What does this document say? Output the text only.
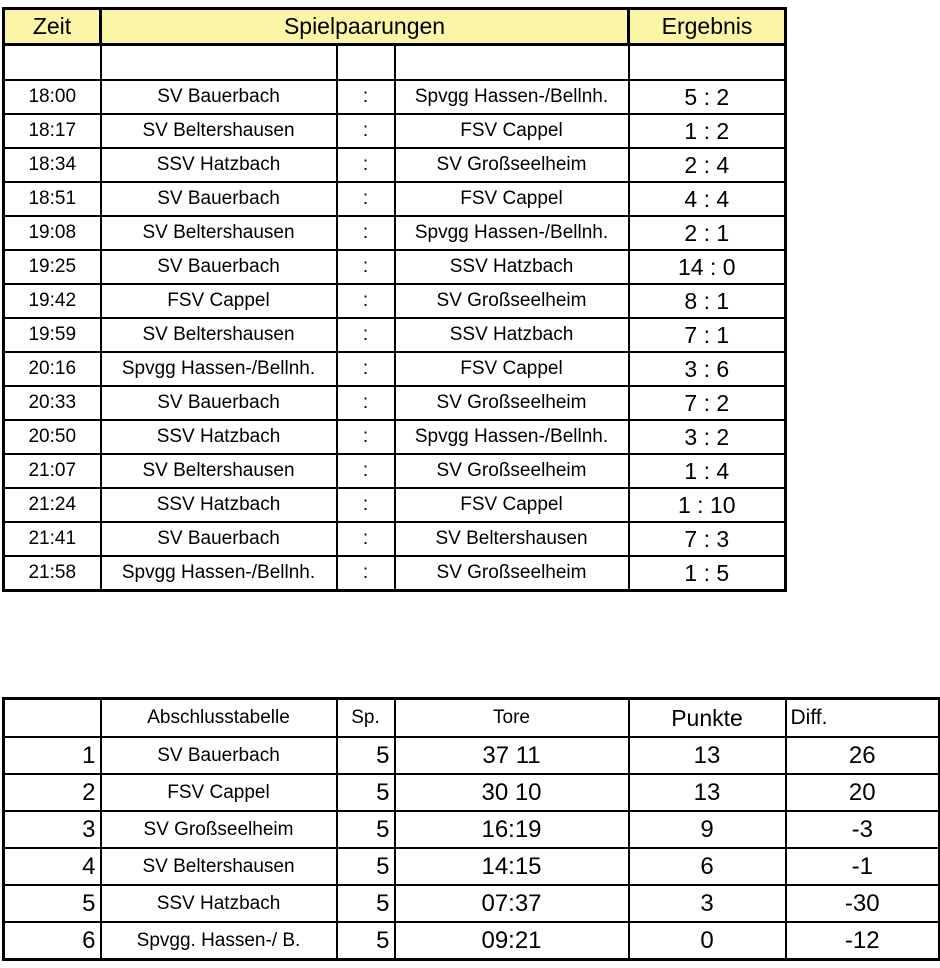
Zeit	Spielpaarungen			Ergebnis

18:00	SV Bauerbach	:	Spvgg Hassen-/Bellnh.	5 : 2
18:17	SV Beltershausen	:	FSV Cappel	1 : 2
18:34	SSV Hatzbach	:	SV Großseelheim	2 : 4
18:51	SV Bauerbach	:	FSV Cappel	4 : 4
19:08	SV Beltershausen	:	Spvgg Hassen-/Bellnh.	2 : 1
19:25	SV Bauerbach	:	SSV Hatzbach	14 : 0
19:42	FSV Cappel	:	SV Großseelheim	8 : 1
19:59	SV Beltershausen	:	SSV Hatzbach	7 : 1
20:16	Spvgg Hassen-/Bellnh.	:	FSV Cappel	3 : 6
20:33	SV Bauerbach	:	SV Großseelheim	7 : 2
20:50	SSV Hatzbach	:	Spvgg Hassen-/Bellnh.	3 : 2
21:07	SV Beltershausen	:	SV Großseelheim	1 : 4
21:24	SSV Hatzbach	:	FSV Cappel	1 : 10
21:41	SV Bauerbach	:	SV Beltershausen	7 : 3
21:58	Spvgg Hassen-/Bellnh.	:	SV Großseelheim	1 : 5
	Abschlusstabelle	Sp.	Tore	Punkte	Diff.
1	SV Bauerbach	5	37 11	13	26
2	FSV Cappel	5	30 10	13	20
3	SV Großseelheim	5	16:19	9	-3
4	SV Beltershausen	5	14:15	6	-1
5	SSV Hatzbach	5	07:37	3	-30
6	Spvgg. Hassen-/ B.	5	09:21	0	-12
